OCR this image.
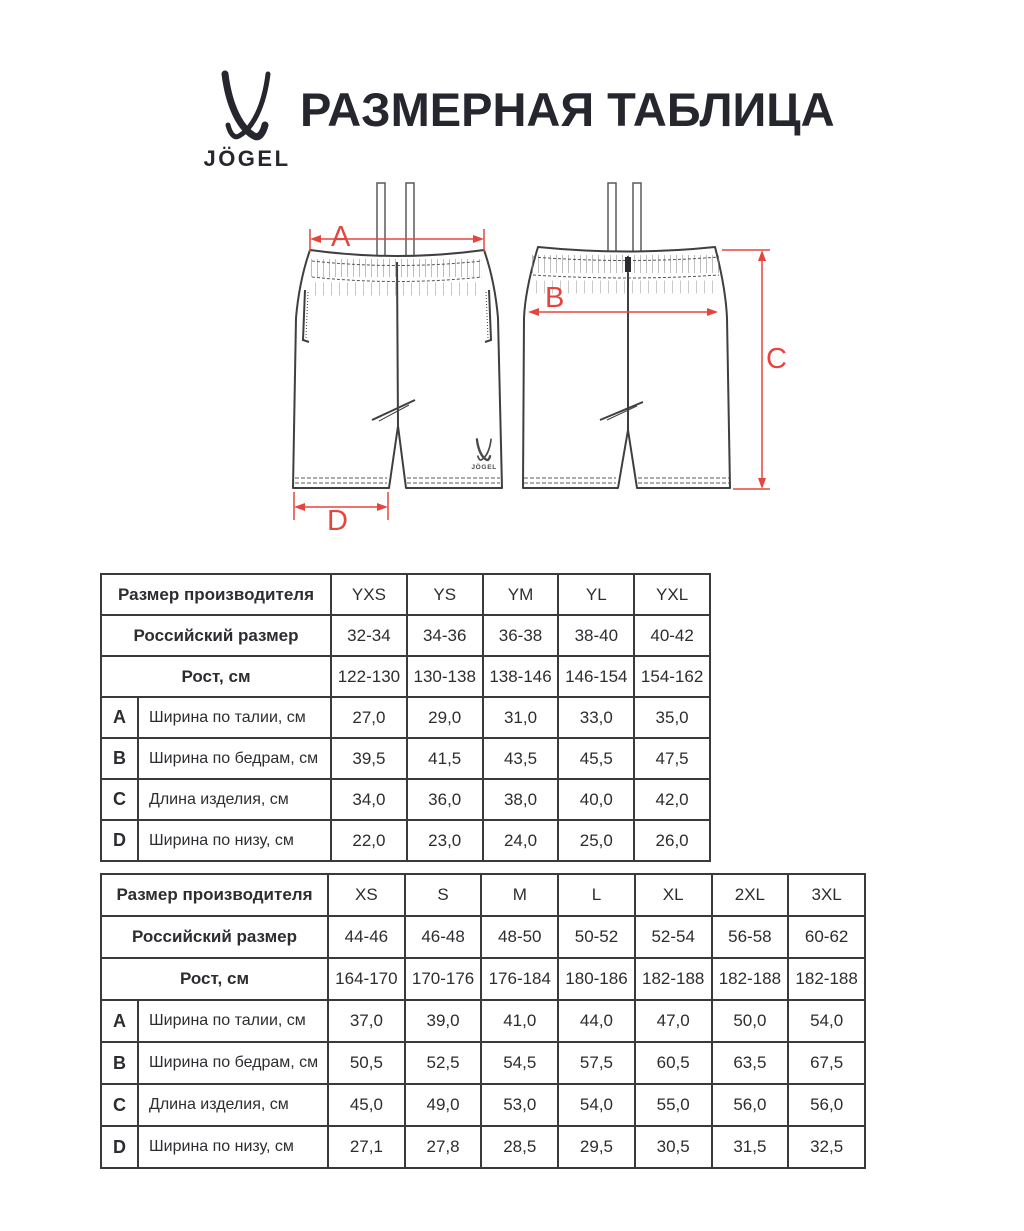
JÖGEL
РАЗМЕРНАЯ ТАБЛИЦА
JÖGEL
A
B
C
D
Размер производителя		YXS	YS	YM	YL	YXL
Российский размер		32-34	34-36	36-38	38-40	40-42
Рост, см		122-130	130-138	138-146	146-154	154-162
A	Ширина по талии, см	27,0	29,0	31,0	33,0	35,0
B	Ширина по бедрам, см	39,5	41,5	43,5	45,5	47,5
C	Длина изделия, см	34,0	36,0	38,0	40,0	42,0
D	Ширина по низу, см	22,0	23,0	24,0	25,0	26,0
Размер производителя		XS	S	M	L	XL	2XL	3XL
Российский размер		44-46	46-48	48-50	50-52	52-54	56-58	60-62
Рост, см		164-170	170-176	176-184	180-186	182-188	182-188	182-188
A	Ширина по талии, см	37,0	39,0	41,0	44,0	47,0	50,0	54,0
B	Ширина по бедрам, см	50,5	52,5	54,5	57,5	60,5	63,5	67,5
C	Длина изделия, см	45,0	49,0	53,0	54,0	55,0	56,0	56,0
D	Ширина по низу, см	27,1	27,8	28,5	29,5	30,5	31,5	32,5
